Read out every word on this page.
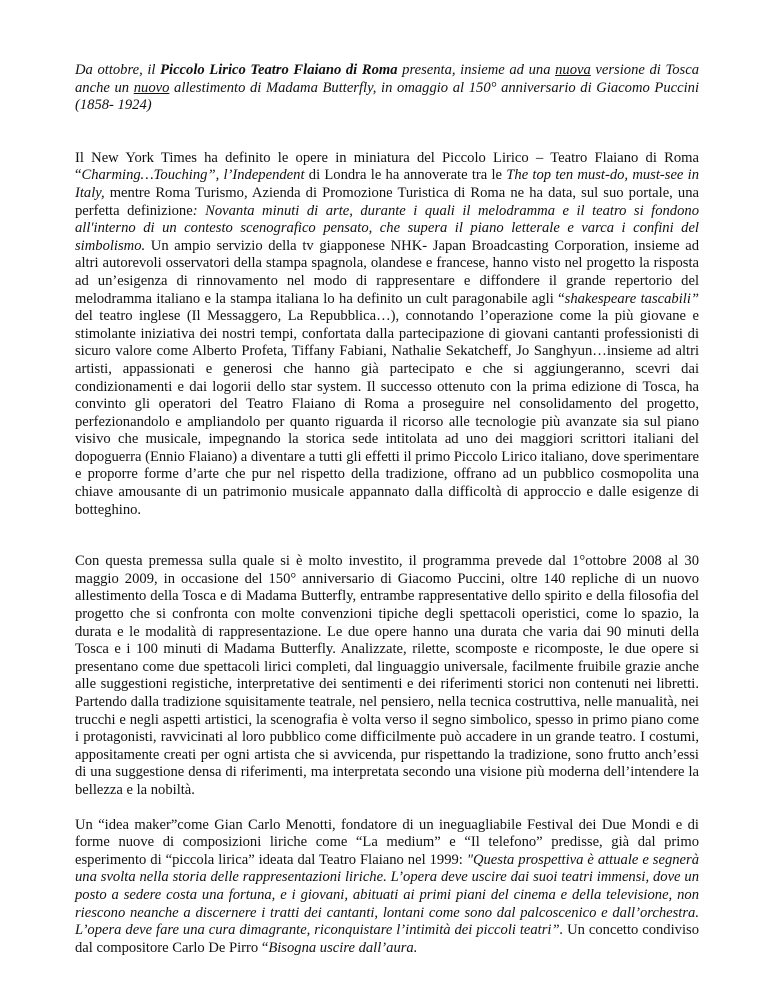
Da ottobre, il Piccolo Lirico Teatro Flaiano di Roma presenta, insieme ad una nuova versione di Tosca anche un nuovo allestimento di Madama Butterfly, in omaggio al 150° anniversario di Giacomo Puccini (1858- 1924)

Il New York Times ha definito le opere in miniatura del Piccolo Lirico – Teatro Flaiano di Roma “Charming…Touching”, l’Independent di Londra le ha annoverate tra le The top ten must-do, must-see in Italy, mentre Roma Turismo, Azienda di Promozione Turistica di Roma ne ha data, sul suo portale, una perfetta definizione: Novanta minuti di arte, durante i quali il melodramma e il teatro si fondono all'interno di un contesto scenografico pensato, che supera il piano letterale e varca i confini del simbolismo. Un ampio servizio della tv giapponese NHK- Japan Broadcasting Corporation, insieme ad altri autorevoli osservatori della stampa spagnola, olandese e francese, hanno visto nel progetto la risposta ad un’esigenza di rinnovamento nel modo di rappresentare e diffondere il grande repertorio del melodramma italiano e la stampa italiana lo ha definito un cult paragonabile agli “shakespeare tascabili” del teatro inglese (Il Messaggero, La Repubblica…), connotando l’operazione come la più giovane e stimolante iniziativa dei nostri tempi, confortata dalla partecipazione di giovani cantanti professionisti di sicuro valore come Alberto Profeta, Tiffany Fabiani, Nathalie Sekatcheff, Jo Sanghyun…insieme ad altri artisti, appassionati e generosi che hanno già partecipato e che si aggiungeranno, scevri dai condizionamenti e dai logorii dello star system. Il successo ottenuto con la prima edizione di Tosca, ha convinto gli operatori del Teatro Flaiano di Roma a proseguire nel consolidamento del progetto, perfezionandolo e ampliandolo per quanto riguarda il ricorso alle tecnologie più avanzate sia sul piano visivo che musicale, impegnando la storica sede intitolata ad uno dei maggiori scrittori italiani del dopoguerra (Ennio Flaiano) a diventare a tutti gli effetti il primo Piccolo Lirico italiano, dove sperimentare e proporre forme d’arte che pur nel rispetto della tradizione, offrano ad un pubblico cosmopolita una chiave amousante di un patrimonio musicale appannato dalla difficoltà di approccio e dalle esigenze di botteghino.

Con questa premessa sulla quale si è molto investito, il programma prevede dal 1°ottobre 2008 al 30 maggio 2009, in occasione del 150° anniversario di Giacomo Puccini, oltre 140 repliche di un nuovo allestimento della Tosca e di Madama Butterfly, entrambe rappresentative dello spirito e della filosofia del progetto che si confronta con molte convenzioni tipiche degli spettacoli operistici, come lo spazio, la durata e le modalità di rappresentazione. Le due opere hanno una durata che varia dai 90 minuti della Tosca e i 100 minuti di Madama Butterfly. Analizzate, rilette, scomposte e ricomposte, le due opere si presentano come due spettacoli lirici completi, dal linguaggio universale, facilmente fruibile grazie anche alle suggestioni registiche, interpretative dei sentimenti e dei riferimenti storici non contenuti nei libretti. Partendo dalla tradizione squisitamente teatrale, nel pensiero, nella tecnica costruttiva, nelle manualità, nei trucchi e negli aspetti artistici, la scenografia è volta verso il segno simbolico, spesso in primo piano come i protagonisti, ravvicinati al loro pubblico come difficilmente può accadere in un grande teatro. I costumi, appositamente creati per ogni artista che si avvicenda, pur rispettando la tradizione, sono frutto anch’essi di una suggestione densa di riferimenti, ma interpretata secondo una visione più moderna dell’intendere la bellezza e la nobiltà.

Un “idea maker”come Gian Carlo Menotti, fondatore di un ineguagliabile Festival dei Due Mondi e di forme nuove di composizioni liriche come “La medium” e “Il telefono” predisse, già dal primo esperimento di “piccola lirica” ideata dal Teatro Flaiano nel 1999: "Questa prospettiva è attuale e segnerà una svolta nella storia delle rappresentazioni liriche. L’opera deve uscire dai suoi teatri immensi, dove un posto a sedere costa una fortuna, e i giovani, abituati ai primi piani del cinema e della televisione, non riescono neanche a discernere i tratti dei cantanti, lontani come sono dal palcoscenico e dall’orchestra. L’opera deve fare una cura dimagrante, riconquistare l’intimità dei piccoli teatri”. Un concetto condiviso dal compositore Carlo De Pirro “Bisogna uscire dall’aura.
